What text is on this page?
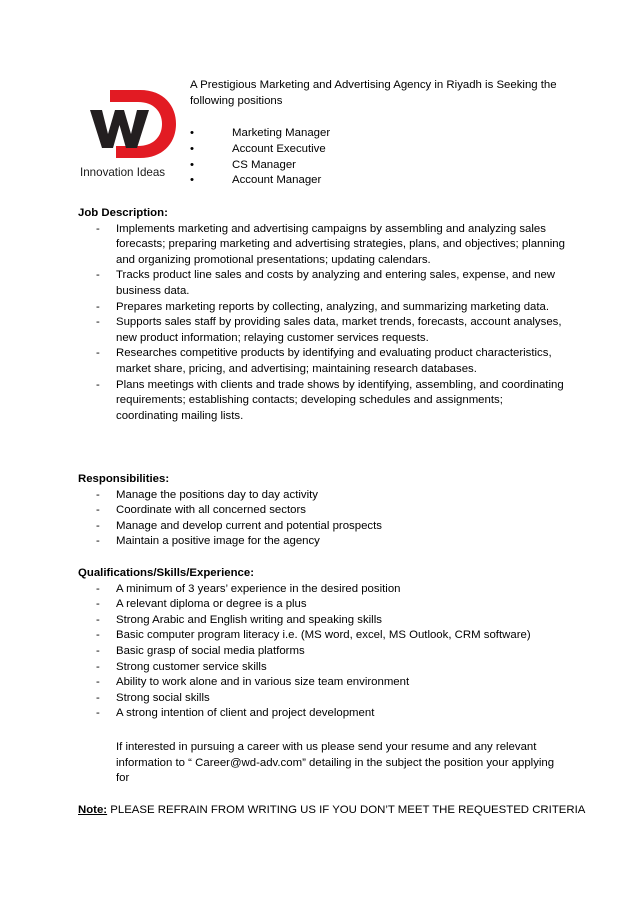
Innovation Ideas
A Prestigious Marketing and Advertising Agency in Riyadh is Seeking the following positions
•	Marketing Manager
•	Account Executive
•	CS Manager
•	Account Manager
Job Description:
- Implements marketing and advertising campaigns by assembling and analyzing sales forecasts; preparing marketing and advertising strategies, plans, and objectives; planning and organizing promotional presentations; updating calendars.
- Tracks product line sales and costs by analyzing and entering sales, expense, and new business data.
- Prepares marketing reports by collecting, analyzing, and summarizing marketing data.
- Supports sales staff by providing sales data, market trends, forecasts, account analyses, new product information; relaying customer services requests.
- Researches competitive products by identifying and evaluating product characteristics, market share, pricing, and advertising; maintaining research databases.
- Plans meetings with clients and trade shows by identifying, assembling, and coordinating requirements; establishing contacts; developing schedules and assignments; coordinating mailing lists.
Responsibilities:
- Manage the positions day to day activity
- Coordinate with all concerned sectors
- Manage and develop current and potential prospects
- Maintain a positive image for the agency
Qualifications/Skills/Experience:
- A minimum of 3 years’ experience in the desired position
- A relevant diploma or degree is a plus
- Strong Arabic and English writing and speaking skills
- Basic computer program literacy i.e. (MS word, excel, MS Outlook, CRM software)
- Basic grasp of social media platforms
- Strong customer service skills
- Ability to work alone and in various size team environment
- Strong social skills
- A strong intention of client and project development
If interested in pursuing a career with us please send your resume and any relevant information to “ Career@wd-adv.com” detailing in the subject the position your applying for
Note: PLEASE REFRAIN FROM WRITING US IF YOU DON’T MEET THE REQUESTED CRITERIA
